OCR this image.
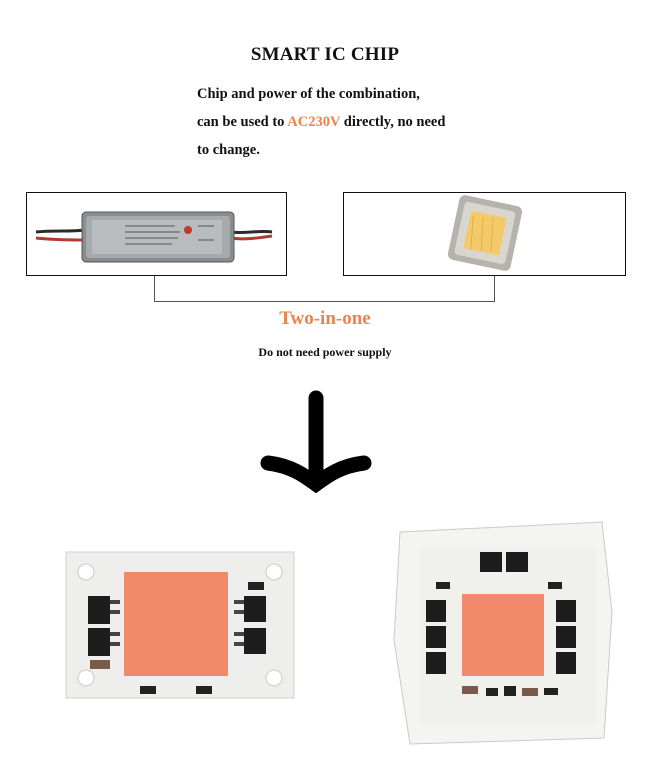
SMART IC CHIP
Chip and power of the combination,
can be used to AC230V directly, no need
to change.
Two-in-one
Do not need power supply
